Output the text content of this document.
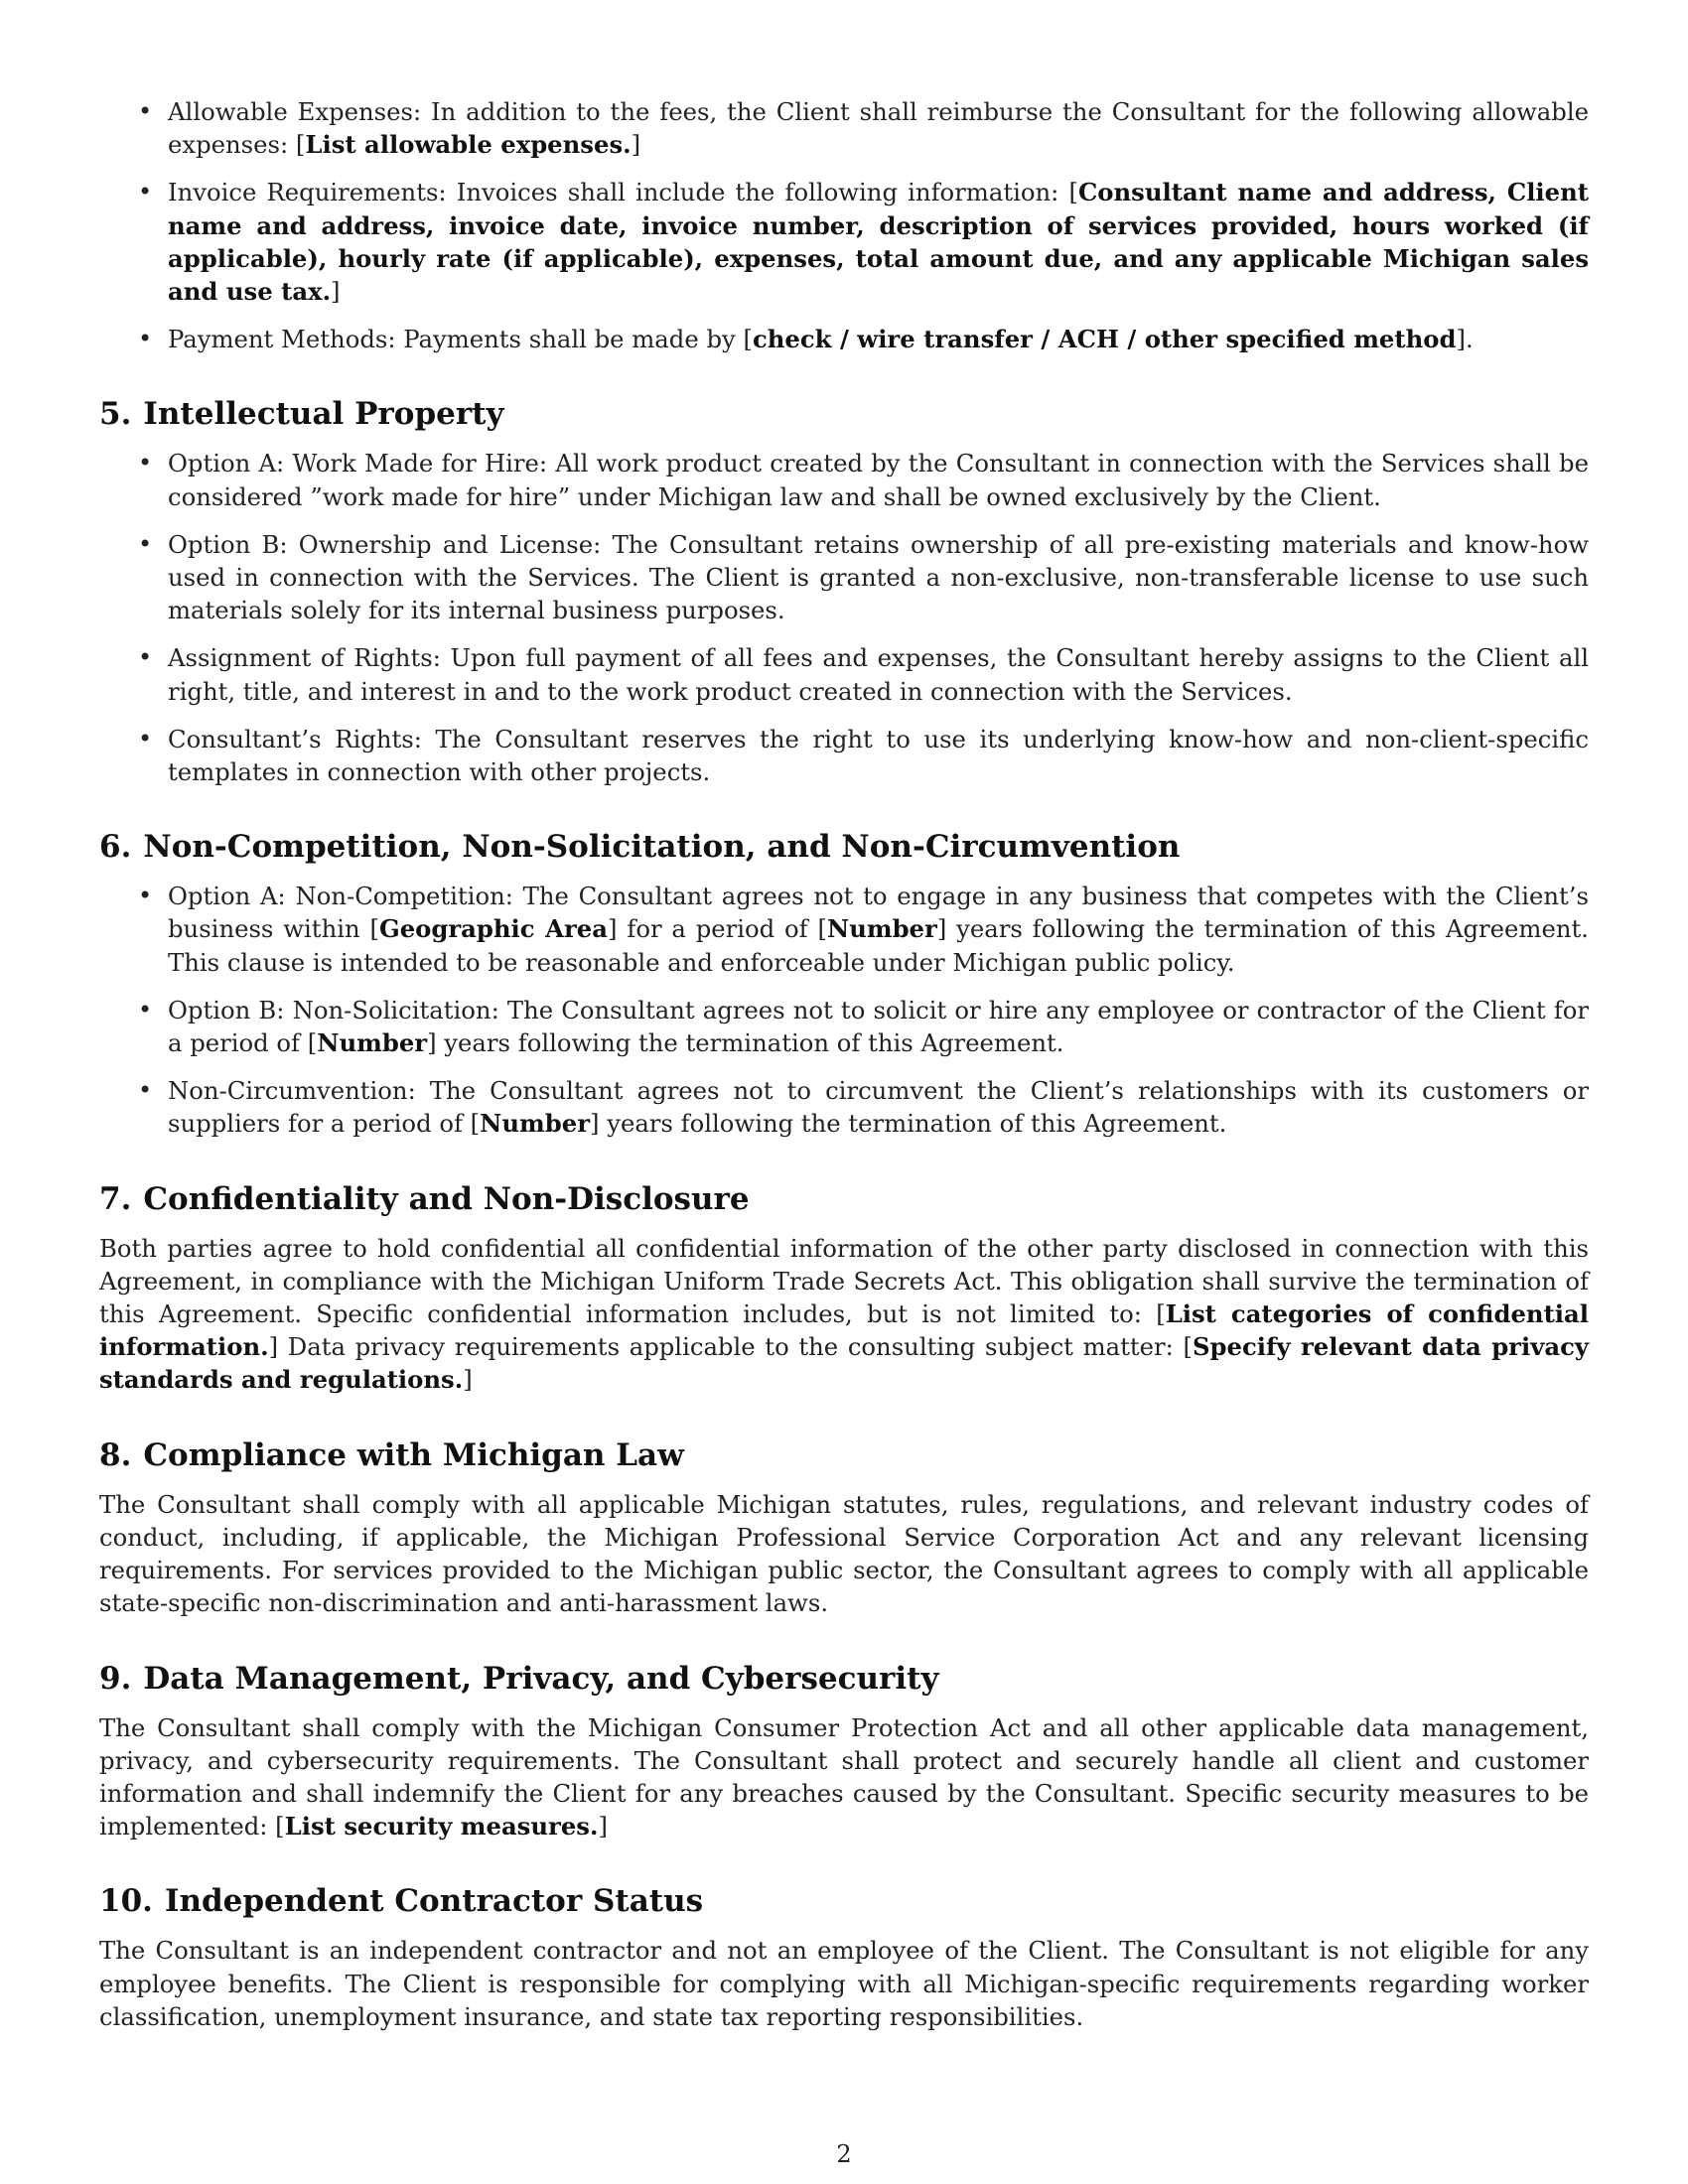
• Allowable Expenses: In addition to the fees, the Client shall reimburse the Consultant for the following allowable expenses: [List allowable expenses.]
• Invoice Requirements: Invoices shall include the following information: [Consultant name and address, Client name and address, invoice date, invoice number, description of services provided, hours worked (if applicable), hourly rate (if applicable), expenses, total amount due, and any applicable Michigan sales and use tax.]
• Payment Methods: Payments shall be made by [check / wire transfer / ACH / other specified method].
5. Intellectual Property
• Option A: Work Made for Hire: All work product created by the Consultant in connection with the Services shall be considered ”work made for hire” under Michigan law and shall be owned exclusively by the Client.
• Option B: Ownership and License: The Consultant retains ownership of all pre-existing materials and know-how used in connection with the Services. The Client is granted a non-exclusive, non-transferable license to use such materials solely for its internal business purposes.
• Assignment of Rights: Upon full payment of all fees and expenses, the Consultant hereby assigns to the Client all right, title, and interest in and to the work product created in connection with the Services.
• Consultant’s Rights: The Consultant reserves the right to use its underlying know-how and non-client-specific templates in connection with other projects.
6. Non-Competition, Non-Solicitation, and Non-Circumvention
• Option A: Non-Competition: The Consultant agrees not to engage in any business that competes with the Client’s business within [Geographic Area] for a period of [Number] years following the termination of this Agreement. This clause is intended to be reasonable and enforceable under Michigan public policy.
• Option B: Non-Solicitation: The Consultant agrees not to solicit or hire any employee or contractor of the Client for a period of [Number] years following the termination of this Agreement.
• Non-Circumvention: The Consultant agrees not to circumvent the Client’s relationships with its customers or suppliers for a period of [Number] years following the termination of this Agreement.
7. Confidentiality and Non-Disclosure

Both parties agree to hold confidential all confidential information of the other party disclosed in connection with this Agreement, in compliance with the Michigan Uniform Trade Secrets Act. This obligation shall survive the termination of this Agreement. Specific confidential information includes, but is not limited to: [List categories of confidential information.] Data privacy requirements applicable to the consulting subject matter: [Specify relevant data privacy standards and regulations.]

8. Compliance with Michigan Law

The Consultant shall comply with all applicable Michigan statutes, rules, regulations, and relevant industry codes of conduct, including, if applicable, the Michigan Professional Service Corporation Act and any relevant licensing requirements. For services provided to the Michigan public sector, the Consultant agrees to comply with all applicable state-specific non-discrimination and anti-harassment laws.

9. Data Management, Privacy, and Cybersecurity

The Consultant shall comply with the Michigan Consumer Protection Act and all other applicable data management, privacy, and cybersecurity requirements. The Consultant shall protect and securely handle all client and customer information and shall indemnify the Client for any breaches caused by the Consultant. Specific security measures to be implemented: [List security measures.]

10. Independent Contractor Status

The Consultant is an independent contractor and not an employee of the Client. The Consultant is not eligible for any employee benefits. The Client is responsible for complying with all Michigan-specific requirements regarding worker classification, unemployment insurance, and state tax reporting responsibilities.

2
